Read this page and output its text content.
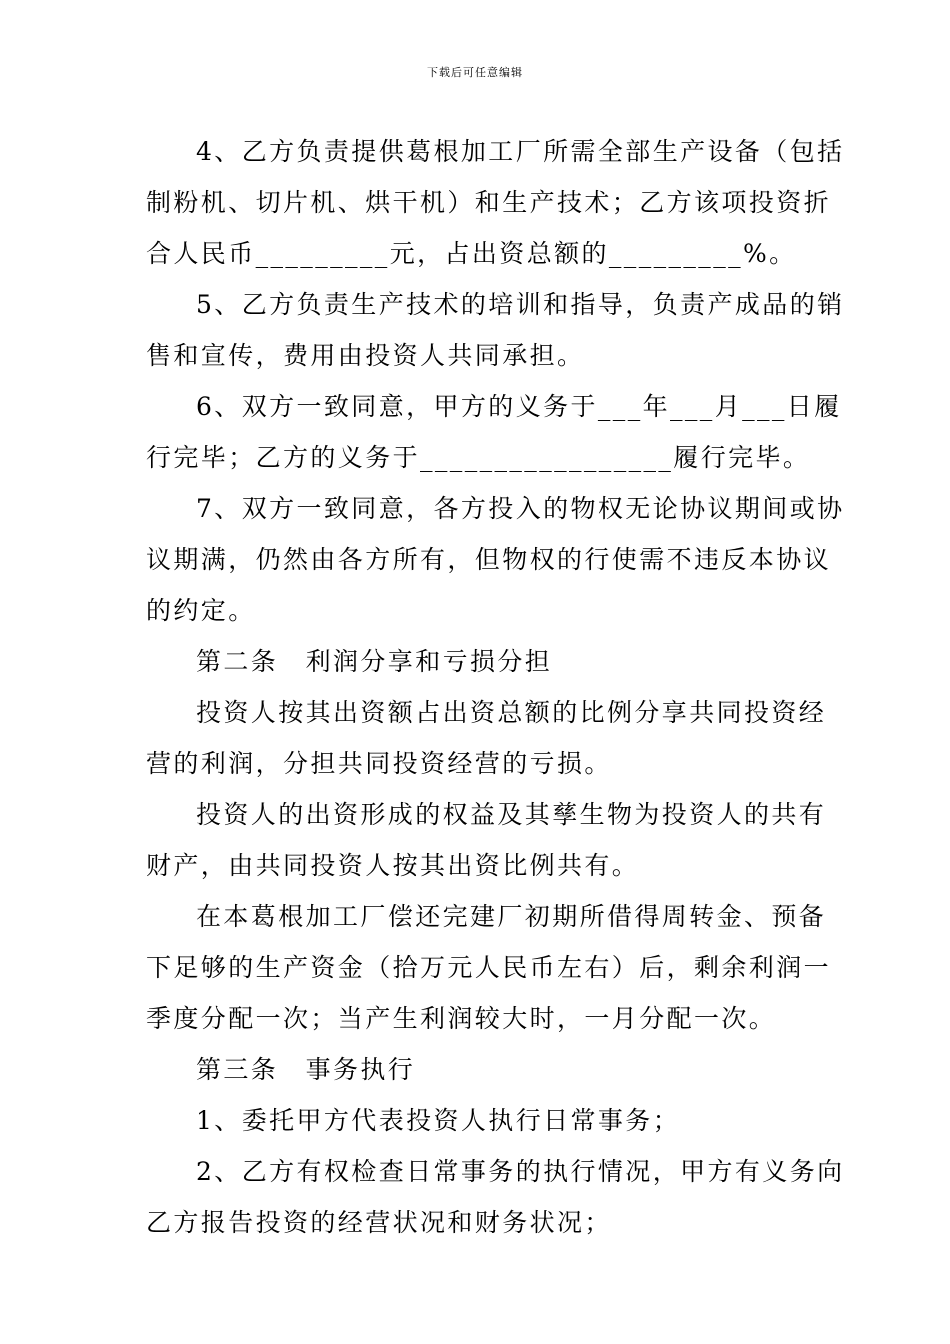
下载后可任意编辑
4、乙方负责提供葛根加工厂所需全部生产设备（包括
制粉机、切片机、烘干机）和生产技术；乙方该项投资折
合人民币_________元，占出资总额的_________%。
5、乙方负责生产技术的培训和指导，负责产成品的销
售和宣传，费用由投资人共同承担。
6、双方一致同意，甲方的义务于___年___月___日履
行完毕；乙方的义务于_________________履行完毕。
7、双方一致同意，各方投入的物权无论协议期间或协
议期满，仍然由各方所有，但物权的行使需不违反本协议
的约定。
第二条　利润分享和亏损分担
投资人按其出资额占出资总额的比例分享共同投资经
营的利润，分担共同投资经营的亏损。
投资人的出资形成的权益及其孳生物为投资人的共有
财产，由共同投资人按其出资比例共有。
在本葛根加工厂偿还完建厂初期所借得周转金、预备
下足够的生产资金（拾万元人民币左右）后，剩余利润一
季度分配一次；当产生利润较大时，一月分配一次。
第三条　事务执行
1、委托甲方代表投资人执行日常事务；
2、乙方有权检查日常事务的执行情况，甲方有义务向
乙方报告投资的经营状况和财务状况；
